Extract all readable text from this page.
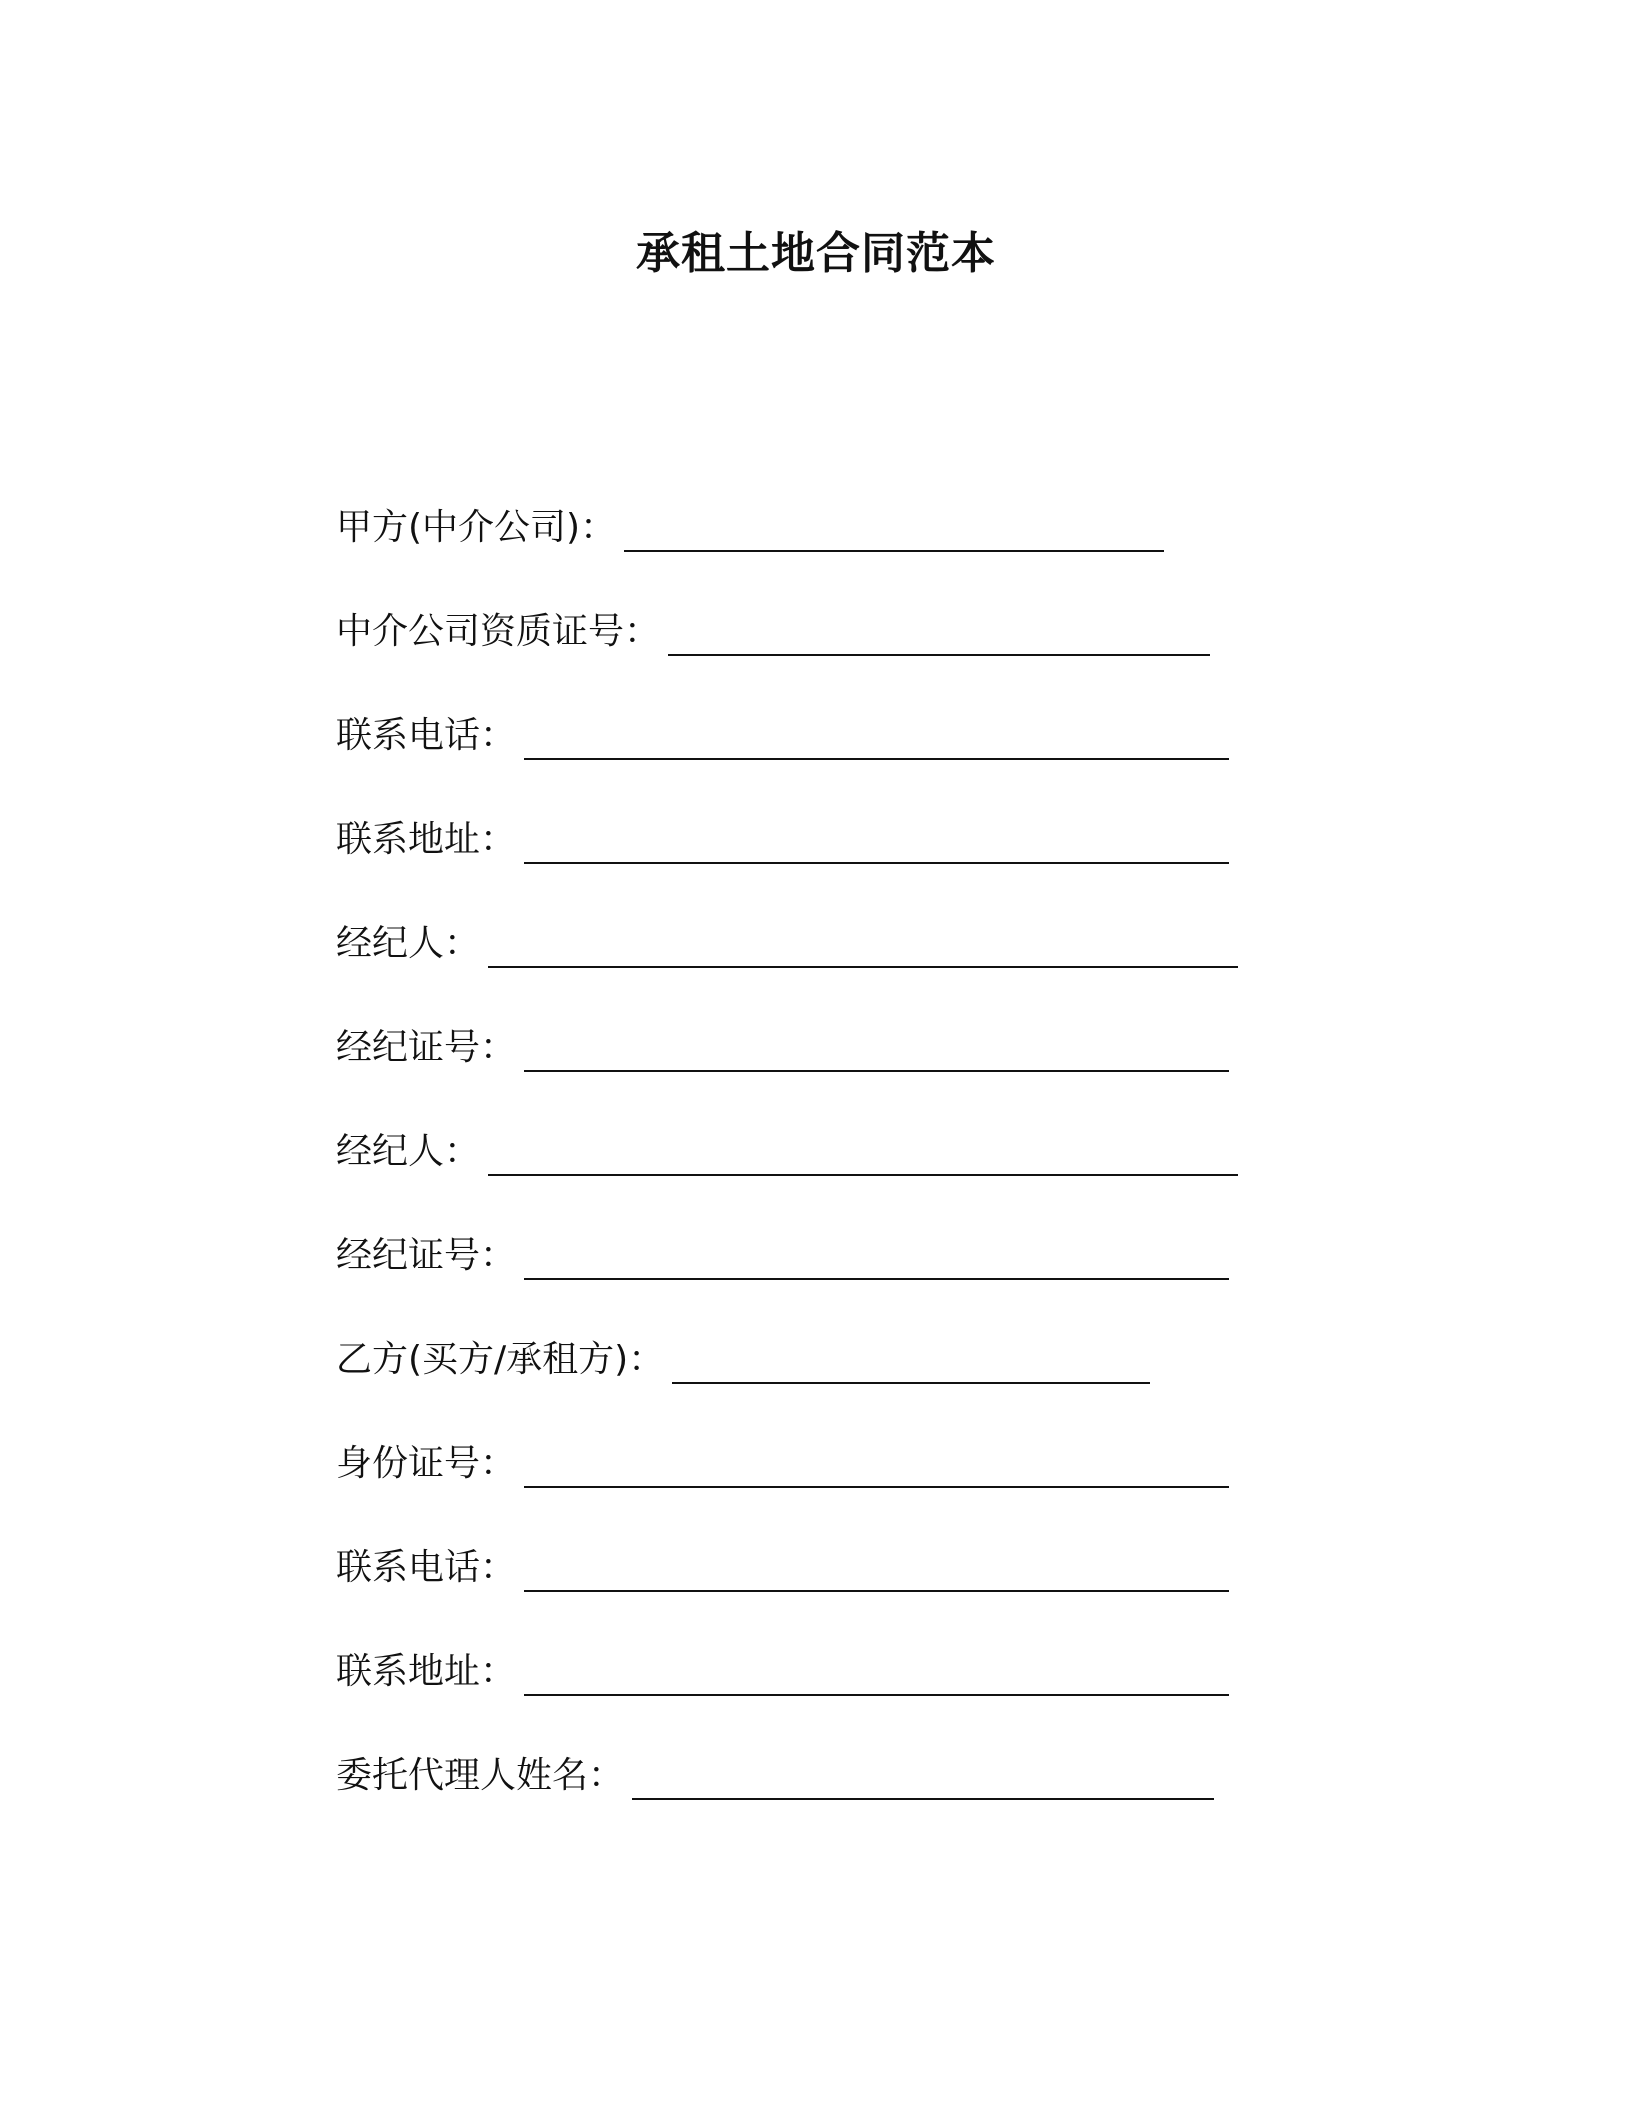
承租土地合同范本
甲方(中介公司)：
中介公司资质证号：
联系电话：
联系地址：
经纪人：
经纪证号：
经纪人：
经纪证号：
乙方(买方/承租方)：
身份证号：
联系电话：
联系地址：
委托代理人姓名：
